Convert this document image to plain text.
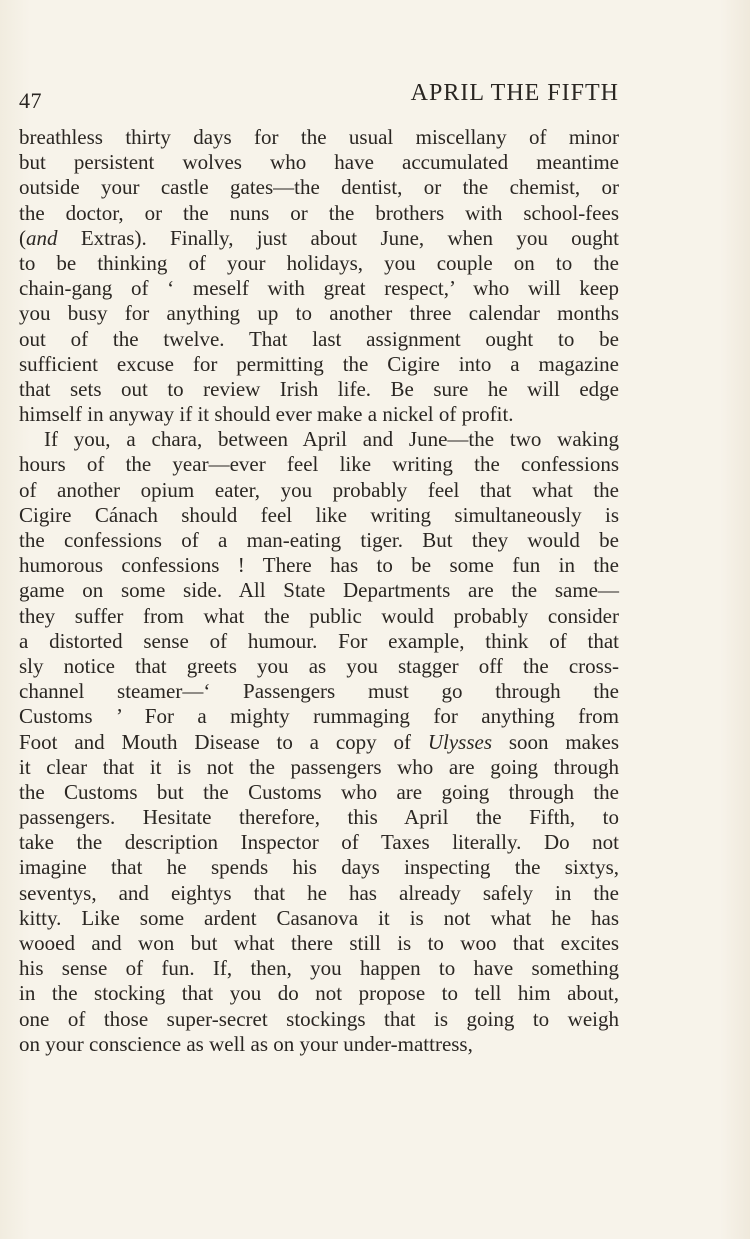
47	APRIL THE FIFTH
breathless thirty days for the usual miscellany of minor
but persistent wolves who have accumulated meantime
outside your castle gates—the dentist, or the chemist, or
the doctor, or the nuns or the brothers with school-fees
(and Extras). Finally, just about June, when you ought
to be thinking of your holidays, you couple on to the
chain-gang of ‘ meself with great respect,’ who will keep
you busy for anything up to another three calendar months
out of the twelve. That last assignment ought to be
sufficient excuse for permitting the Cigire into a magazine
that sets out to review Irish life. Be sure he will edge
himself in anyway if it should ever make a nickel of profit.
If you, a chara, between April and June—the two waking
hours of the year—ever feel like writing the confessions
of another opium eater, you probably feel that what the
Cigire Cánach should feel like writing simultaneously is
the confessions of a man-eating tiger. But they would be
humorous confessions ! There has to be some fun in the
game on some side. All State Departments are the same—
they suffer from what the public would probably consider
a distorted sense of humour. For example, think of that
sly notice that greets you as you stagger off the cross-
channel steamer—‘ Passengers must go through the
Customs ’ For a mighty rummaging for anything from
Foot and Mouth Disease to a copy of Ulysses soon makes
it clear that it is not the passengers who are going through
the Customs but the Customs who are going through the
passengers. Hesitate therefore, this April the Fifth, to
take the description Inspector of Taxes literally. Do not
imagine that he spends his days inspecting the sixtys,
seventys, and eightys that he has already safely in the
kitty. Like some ardent Casanova it is not what he has
wooed and won but what there still is to woo that excites
his sense of fun. If, then, you happen to have something
in the stocking that you do not propose to tell him about,
one of those super-secret stockings that is going to weigh
on your conscience as well as on your under-mattress,
